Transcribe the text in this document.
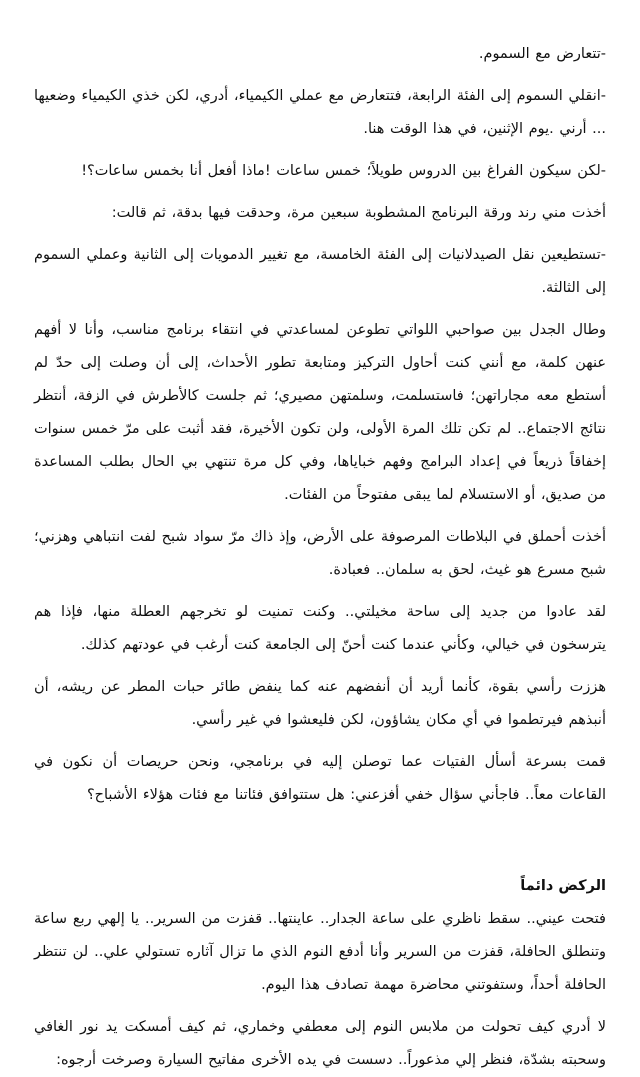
-تتعارض مع السموم.

-انقلي السموم إلى الفئة الرابعة، فتتعارض مع عملي الكيمياء، أدري، لكن خذي الكيمياء وضعيها ... أرني .يوم الإثنين، في هذا الوقت هنا.

-لكن سيكون الفراغ بين الدروس طويلاً؛ خمس ساعات !ماذا أفعل أنا بخمس ساعات؟!

أخذت مني رند ورقة البرنامج المشطوبة سبعين مرة، وحدقت فيها بدقة، ثم قالت:

-تستطيعين نقل الصيدلانيات إلى الفئة الخامسة، مع تغيير الدمويات إلى الثانية وعملي السموم إلى الثالثة.

وطال الجدل بين صواحبي اللواتي تطوعن لمساعدتي في انتقاء برنامج مناسب، وأنا لا أفهم عنهن كلمة، مع أنني كنت أحاول التركيز ومتابعة تطور الأحداث، إلى أن وصلت إلى حدّ لم أستطع معه مجاراتهن؛ فاستسلمت، وسلمتهن مصيري؛ ثم جلست كالأطرش في الزفة، أنتظر نتائج الاجتماع.. لم تكن تلك المرة الأولى، ولن تكون الأخيرة، فقد أثبت على مرّ خمس سنوات إخفاقاً ذريعاً في إعداد البرامج وفهم خباياها، وفي كل مرة تنتهي بي الحال بطلب المساعدة من صديق، أو الاستسلام لما يبقى مفتوحاً من الفئات.

أخذت أحملق في البلاطات المرصوفة على الأرض، وإذ ذاك مرّ سواد شبح لفت انتباهي وهزني؛ شبح مسرع هو غيث، لحق به سلمان.. فعبادة.

لقد عادوا من جديد إلى ساحة مخيلتي.. وكنت تمنيت لو تخرجهم العطلة منها، فإذا هم يترسخون في خيالي، وكأني عندما كنت أحنّ إلى الجامعة كنت أرغب في عودتهم كذلك.

هززت رأسي بقوة، كأنما أريد أن أنفضهم عنه كما ينفض طائر حبات المطر عن ريشه، أن أنبذهم فيرتطموا في أي مكان يشاؤون، لكن فليعشوا في غير رأسي.

قمت بسرعة أسأل الفتيات عما توصلن إليه في برنامجي، ونحن حريصات أن نكون في القاعات معاً.. فاجأني سؤال خفي أفزعني: هل ستتوافق فئاتنا مع فئات هؤلاء الأشباح؟

الركض دائماً

فتحت عيني.. سقط ناظري على ساعة الجدار.. عاينتها.. قفزت من السرير.. يا إلهي ربع ساعة وتنطلق الحافلة، قفزت من السرير وأنا أدفع النوم الذي ما تزال آثاره تستولي علي.. لن تنتظر الحافلة أحداً، وستفوتني محاضرة مهمة تصادف هذا اليوم.

لا أدري كيف تحولت من ملابس النوم إلى معطفي وخماري، ثم كيف أمسكت يد نور الغافي وسحبته بشدّة، فنظر إلي مذعوراً.. دسست في يده الأخرى مفاتيح السيارة وصرخت أرجوه:
